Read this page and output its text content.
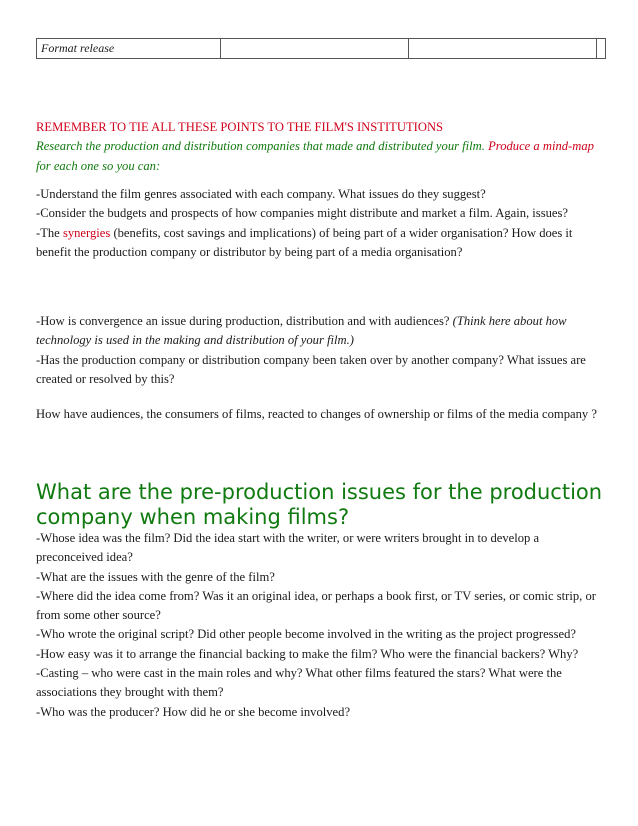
Format release			
REMEMBER TO TIE ALL THESE POINTS TO THE FILM'S INSTITUTIONS
Research the production and distribution companies that made and distributed your film. Produce a mind-map for each one so you can:
-Understand the film genres associated with each company. What issues do they suggest?
-Consider the budgets and prospects of how companies might distribute and market a film. Again, issues?
-The synergies (benefits, cost savings and implications) of being part of a wider organisation? How does it benefit the production company or distributor by being part of a media organisation?
-How is convergence an issue during production, distribution and with audiences? (Think here about how technology is used in the making and distribution of your film.)
-Has the production company or distribution company been taken over by another company? What issues are created or resolved by this?
How have audiences, the consumers of films, reacted to changes of ownership or films of the media company ?
What are the pre-production issues for the production company when making films?
-Whose idea was the film? Did the idea start with the writer, or were writers brought in to develop a preconceived idea?
-What are the issues with the genre of the film?
-Where did the idea come from? Was it an original idea, or perhaps a book first, or TV series, or comic strip, or from some other source?
-Who wrote the original script? Did other people become involved in the writing as the project progressed?
-How easy was it to arrange the financial backing to make the film? Who were the financial backers? Why?
-Casting – who were cast in the main roles and why? What other films featured the stars? What were the associations they brought with them?
-Who was the producer? How did he or she become involved?
